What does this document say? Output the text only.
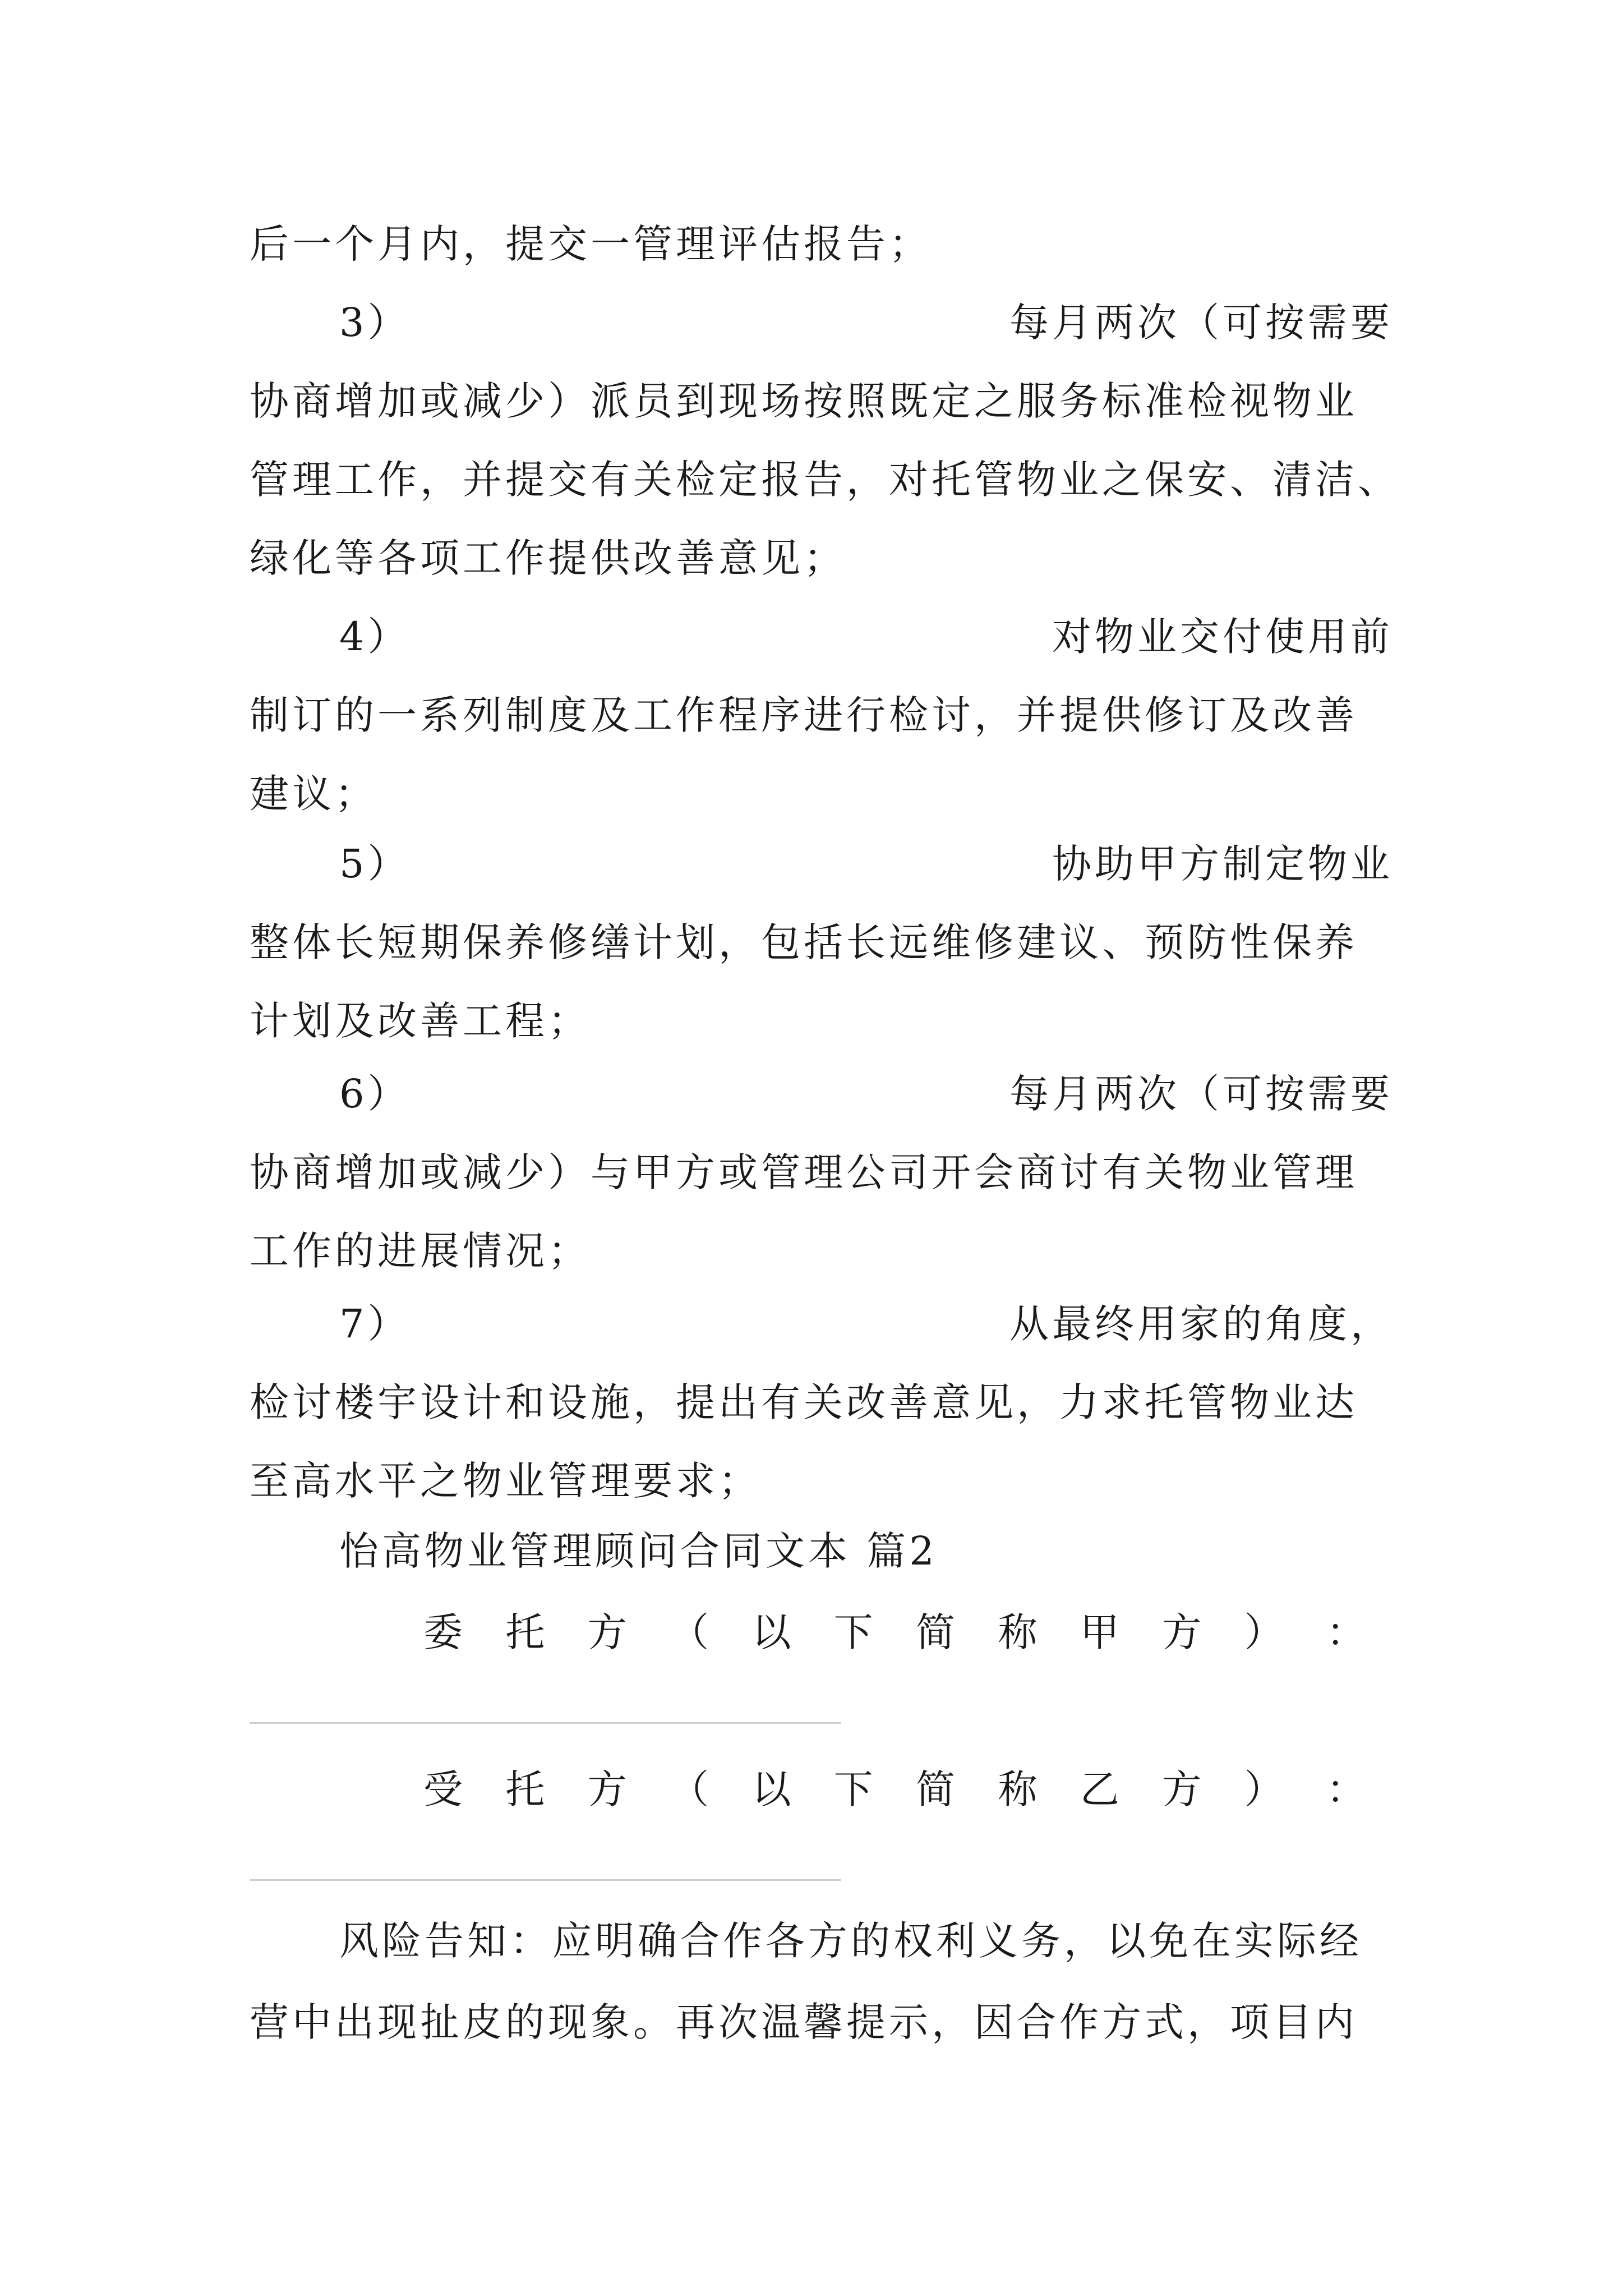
后一个月内，提交一管理评估报告；
3）	每月两次（可按需要
协商增加或减少）派员到现场按照既定之服务标准检视物业
管理工作，并提交有关检定报告，对托管物业之保安、清洁、
绿化等各项工作提供改善意见；
4）	对物业交付使用前
制订的一系列制度及工作程序进行检讨，并提供修订及改善
建议；
5）	协助甲方制定物业
整体长短期保养修缮计划，包括长远维修建议、预防性保养
计划及改善工程；
6）	每月两次（可按需要
协商增加或减少）与甲方或管理公司开会商讨有关物业管理
工作的进展情况；
7）	从最终用家的角度，
检讨楼宇设计和设施，提出有关改善意见，力求托管物业达
至高水平之物业管理要求；
怡高物业管理顾问合同文本 篇2
委 托 方 （ 以 下 简 称 甲 方 ） ：
受 托 方 （ 以 下 简 称 乙 方 ） ：
风险告知：应明确合作各方的权利义务，以免在实际经
营中出现扯皮的现象。再次温馨提示，因合作方式，项目内
